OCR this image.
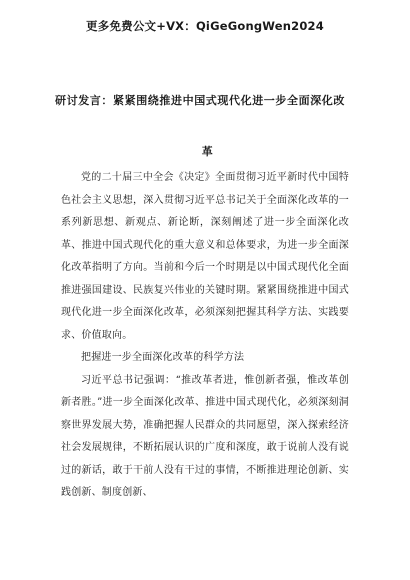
更多免费公文+VX：QiGeGongWen2024
研讨发言：紧紧围绕推进中国式现代化进一步全面深化改
革

党的二十届三中全会《决定》全面贯彻习近平新时代中国特色社会主义思想，深入贯彻习近平总书记关于全面深化改革的一系列新思想、新观点、新论断，深刻阐述了进一步全面深化改革、推进中国式现代化的重大意义和总体要求，为进一步全面深化改革指明了方向。当前和今后一个时期是以中国式现代化全面推进强国建设、民族复兴伟业的关键时期。紧紧围绕推进中国式现代化进一步全面深化改革，必须深刻把握其科学方法、实践要求、价值取向。

把握进一步全面深化改革的科学方法

习近平总书记强调：“推改革者进，惟创新者强，惟改革创新者胜。”进一步全面深化改革、推进中国式现代化，必须深刻洞察世界发展大势，准确把握人民群众的共同愿望，深入探索经济社会发展规律，不断拓展认识的广度和深度，敢于说前人没有说过的新话，敢于干前人没有干过的事情，不断推进理论创新、实践创新、制度创新、
